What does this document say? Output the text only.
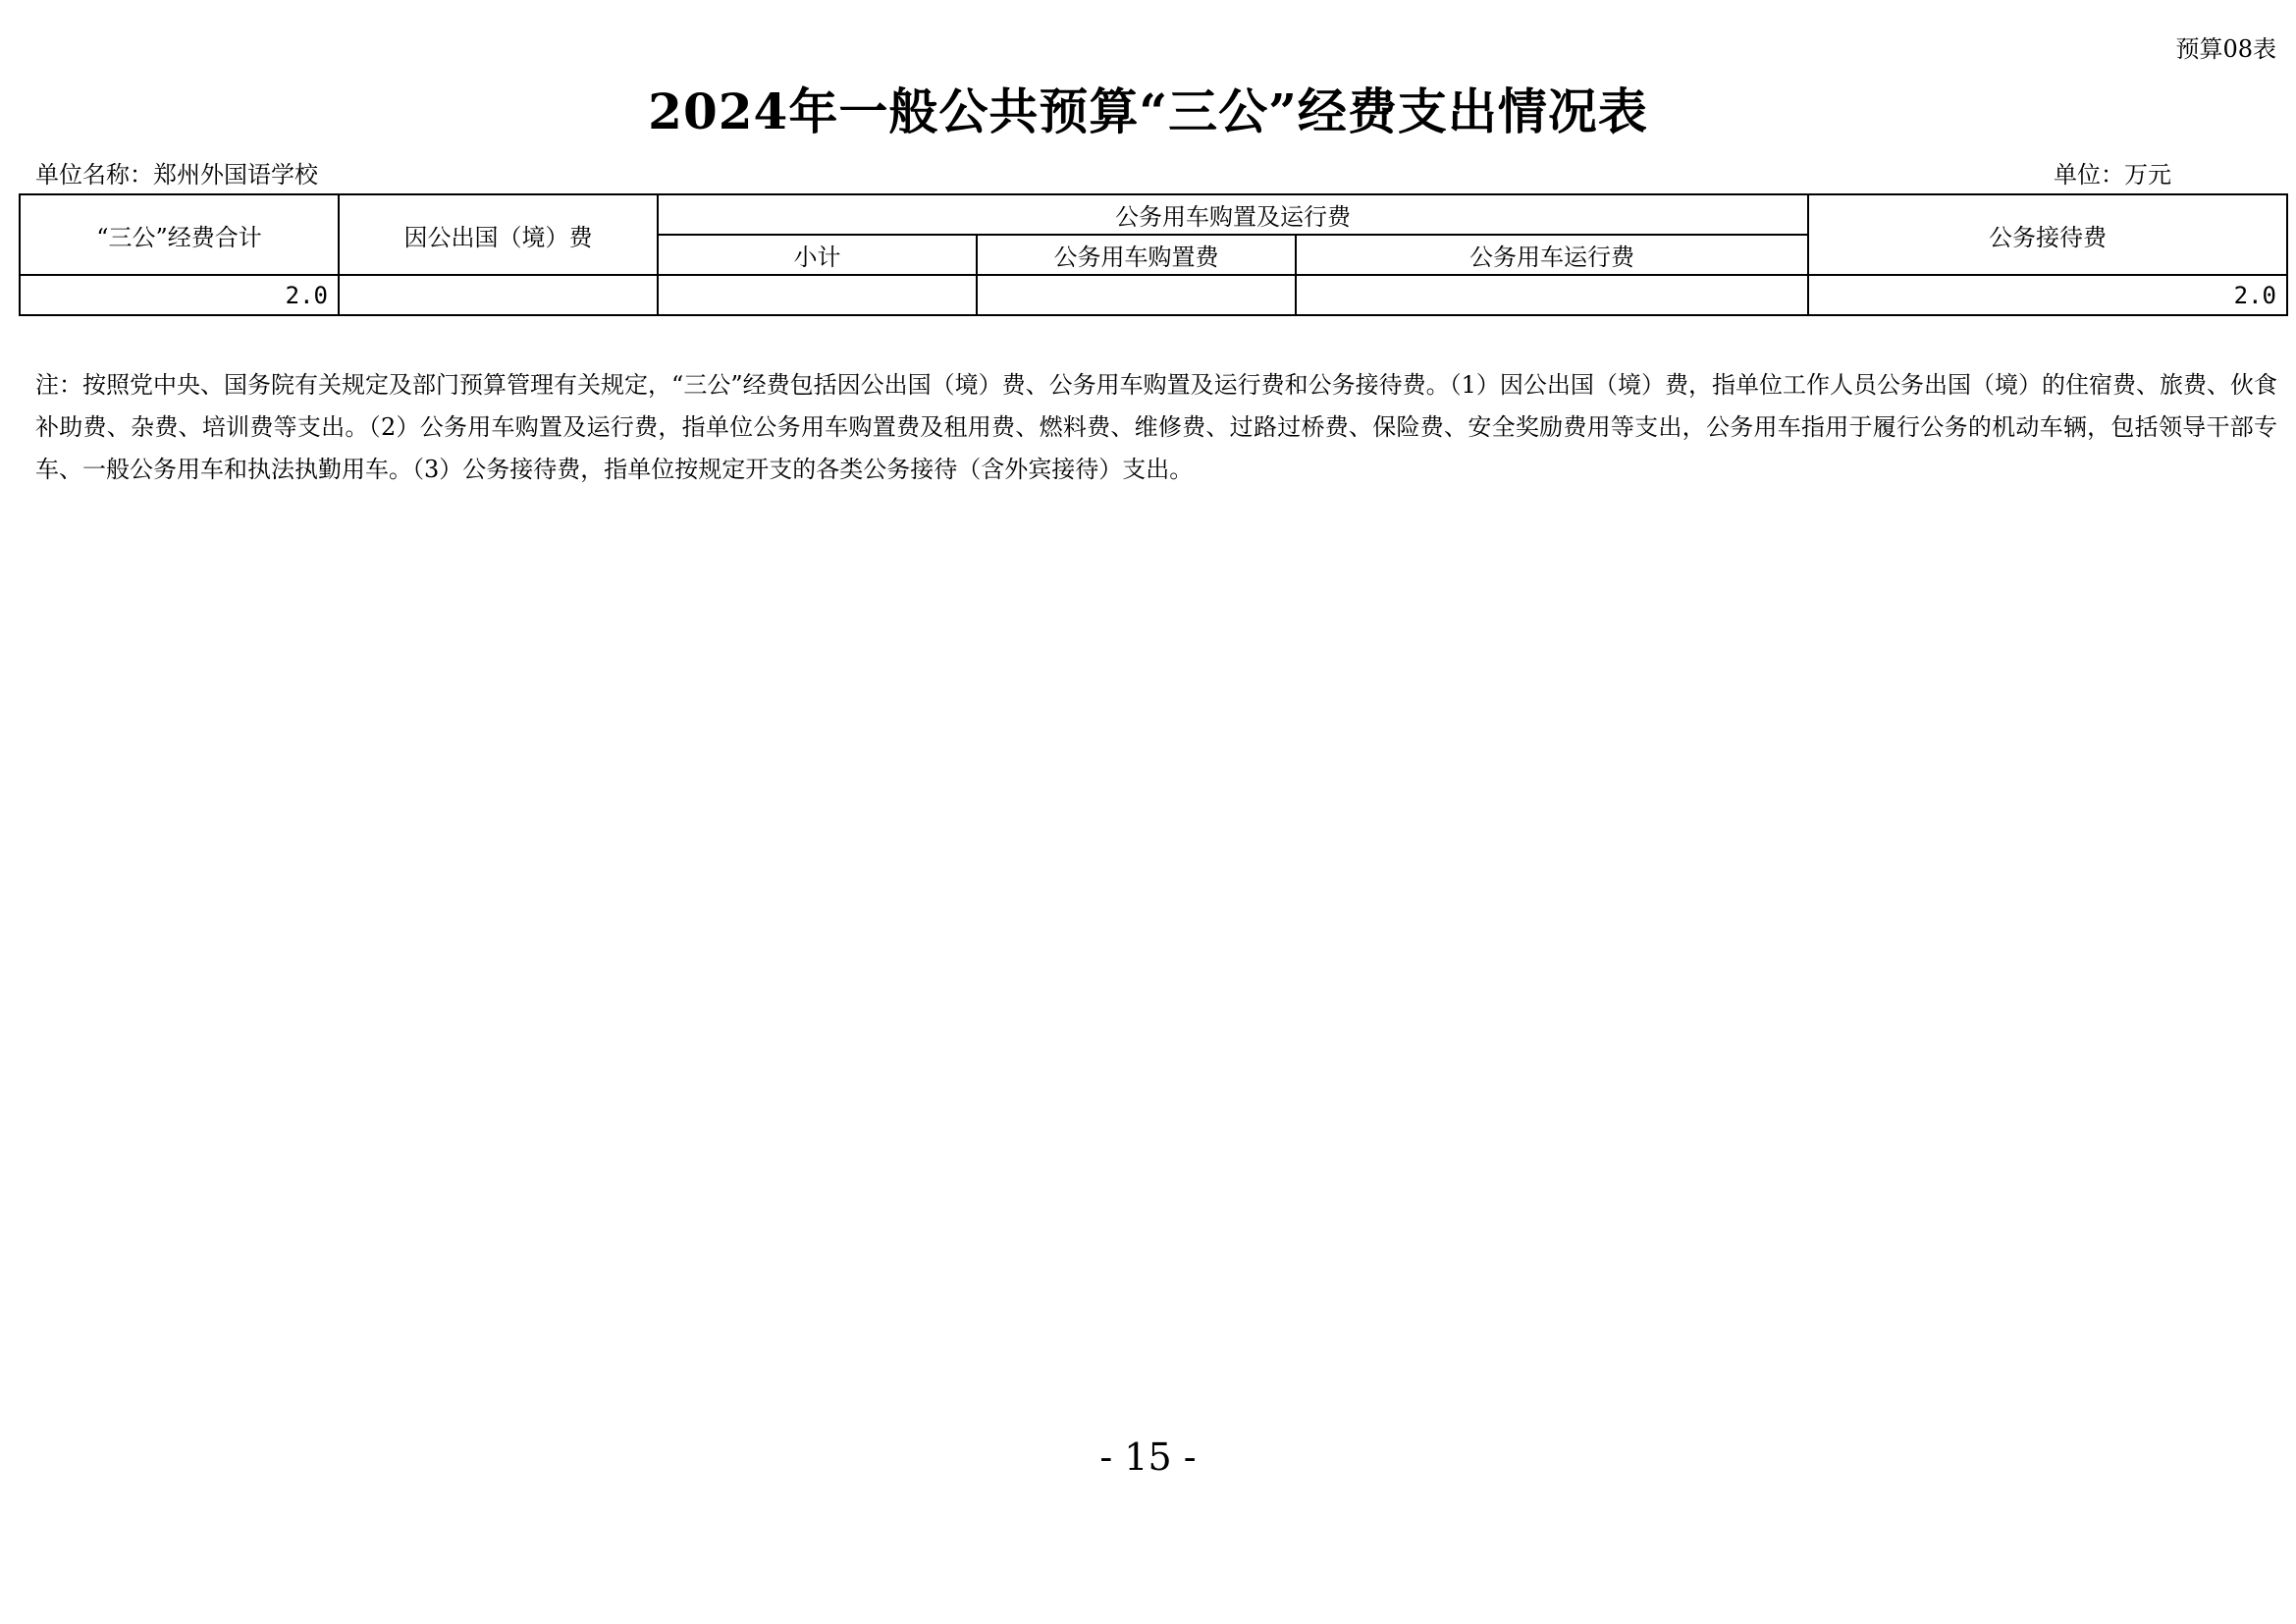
预算08表
2024年一般公共预算“三公”经费支出情况表
单位名称：郑州外国语学校	单位：万元
“三公”经费合计	因公出国（境）费	公务用车购置及运行费			公务接待费
		小计	公务用车购置费	公务用车运行费	
2.0					2.0
注：按照党中央、国务院有关规定及部门预算管理有关规定，“三公”经费包括因公出国（境）费、公务用车购置及运行费和公务接待费。（1）因公出国（境）费，指单位工作人员公务出国（境）的住宿费、旅费、伙食补助费、杂费、培训费等支出。（2）公务用车购置及运行费，指单位公务用车购置费及租用费、燃料费、维修费、过路过桥费、保险费、安全奖励费用等支出，公务用车指用于履行公务的机动车辆，包括领导干部专车、一般公务用车和执法执勤用车。（3）公务接待费，指单位按规定开支的各类公务接待（含外宾接待）支出。
- 15 -
